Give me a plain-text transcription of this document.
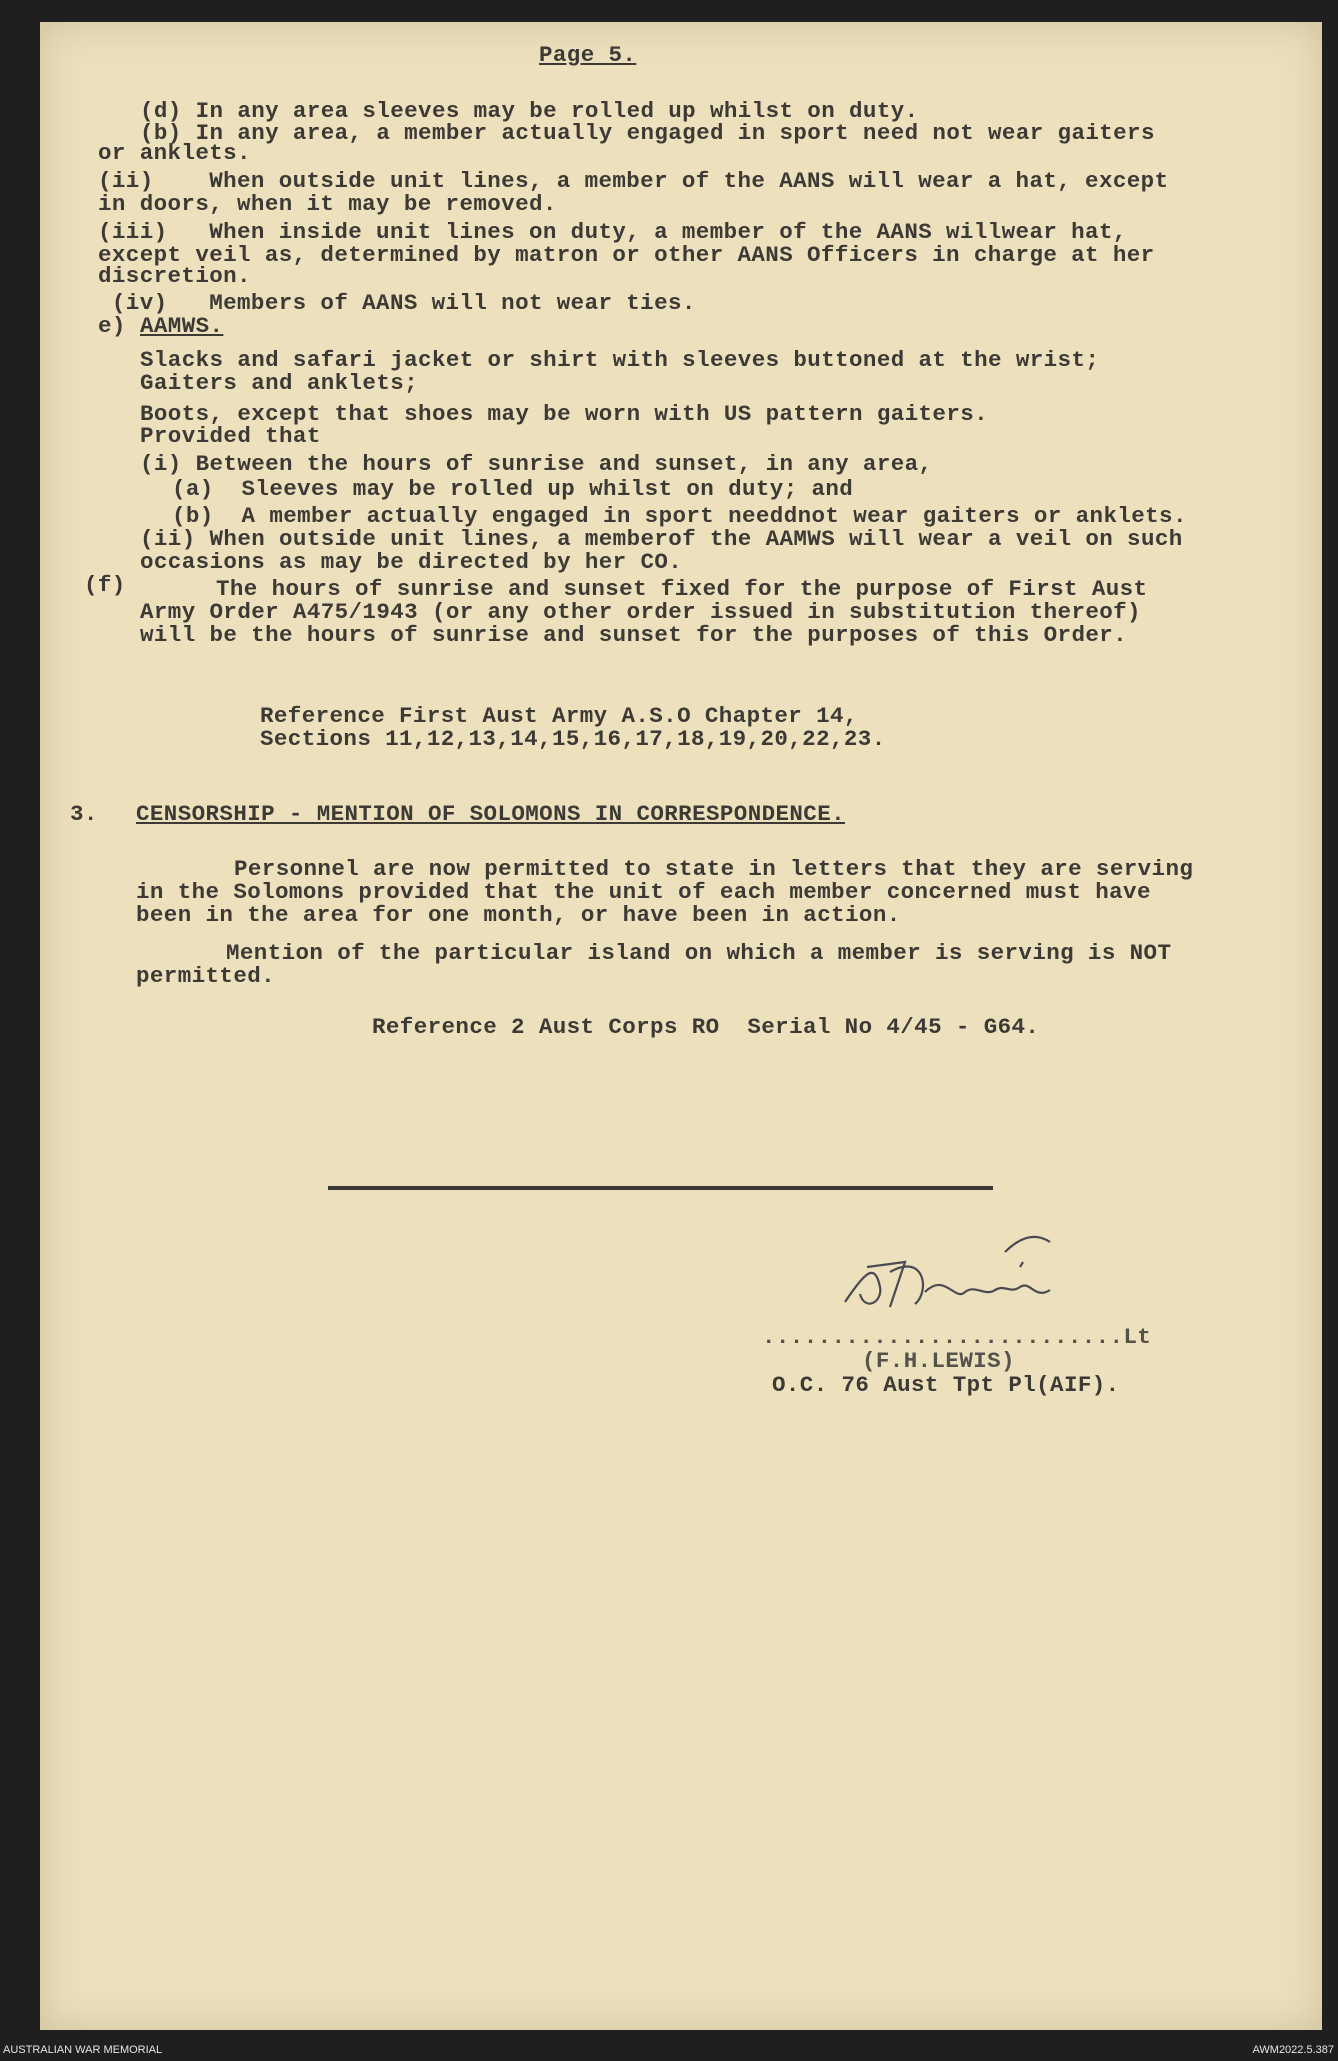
Page 5.
(d) In any area sleeves may be rolled up whilst on duty.
(b) In any area, a member actually engaged in sport need not wear gaiters
or anklets.
(ii)    When outside unit lines, a member of the AANS will wear a hat, except
in doors, when it may be removed.
(iii)   When inside unit lines on duty, a member of the AANS willwear hat,
except veil as, determined by matron or other AANS Officers in charge at her
discretion.
(iv)   Members of AANS will not wear ties.
e) AAMWS.
Slacks and safari jacket or shirt with sleeves buttoned at the wrist;
Gaiters and anklets;
Boots, except that shoes may be worn with US pattern gaiters.
Provided that
(i) Between the hours of sunrise and sunset, in any area,
(a)  Sleeves may be rolled up whilst on duty; and
(b)  A member actually engaged in sport needdnot wear gaiters or anklets.
(ii) When outside unit lines, a memberof the AAMWS will wear a veil on such
occasions as may be directed by her CO.
(f)	The hours of sunrise and sunset fixed for the purpose of First Aust
Army Order A475/1943 (or any other order issued in substitution thereof)
will be the hours of sunrise and sunset for the purposes of this Order.
Reference First Aust Army A.S.O Chapter 14,
Sections 11,12,13,14,15,16,17,18,19,20,22,23.
3. CENSORSHIP - MENTION OF SOLOMONS IN CORRESPONDENCE.
Personnel are now permitted to state in letters that they are serving
in the Solomons provided that the unit of each member concerned must have
been in the area for one month, or have been in action.
Mention of the particular island on which a member is serving is NOT
permitted.
Reference 2 Aust Corps RO  Serial No 4/45 - G64.
..........................Lt
(F.H.LEWIS)
O.C. 76 Aust Tpt Pl(AIF).
AUSTRALIAN WAR MEMORIAL	AWM2022.5.387
